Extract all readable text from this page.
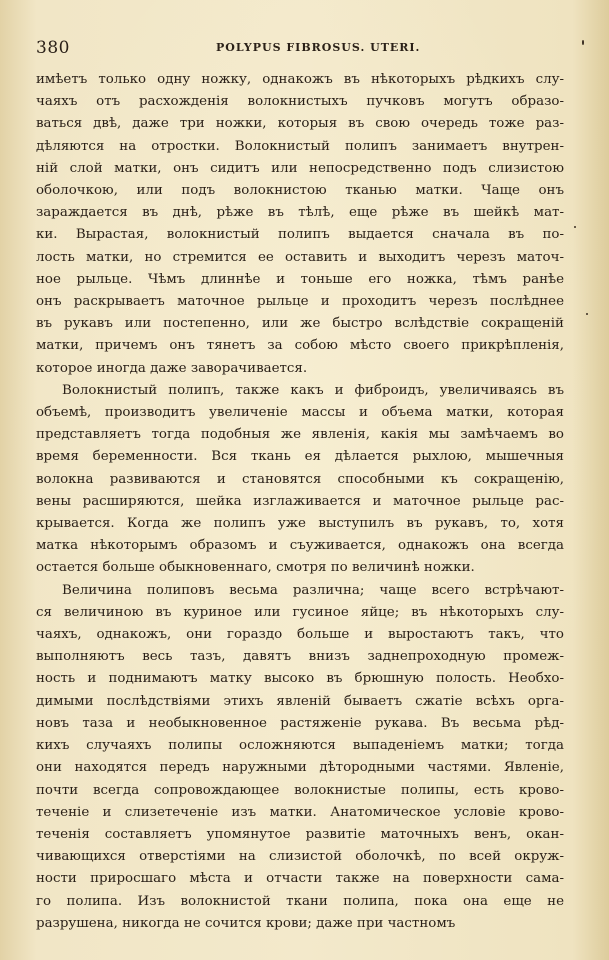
380	POLYPUS FIBROSUS. UTERI.
имѣетъ только одну ножку, однакожъ въ нѣкоторыхъ рѣдкихъ слу-
чаяхъ отъ расхожденія волокнистыхъ пучковъ могутъ образо-
ваться двѣ, даже три ножки, которыя въ свою очередь тоже раз-
дѣляются на отростки. Волокнистый полипъ занимаетъ внутрен-
ній слой матки, онъ сидитъ или непосредственно подъ слизистою
оболочкою, или подъ волокнистою тканью матки. Чаще онъ
зараждается въ днѣ, рѣже въ тѣлѣ, еще рѣже въ шейкѣ мат-
ки. Вырастая, волокнистый полипъ выдается сначала въ по-
лость матки, но стремится ее оставить и выходитъ черезъ маточ-
ное рыльце. Чѣмъ длиннѣе и тоньше его ножка, тѣмъ ранѣе
онъ раскрываетъ маточное рыльце и проходитъ черезъ послѣднее
въ рукавъ или постепенно, или же быстро вслѣдствіе сокращеній
матки, причемъ онъ тянетъ за собою мѣсто своего прикрѣпленія,
которое иногда даже заворачивается.
Волокнистый полипъ, также какъ и фиброидъ, увеличиваясь въ
объемѣ, производитъ увеличеніе массы и объема матки, которая
представляетъ тогда подобныя же явленія, какія мы замѣчаемъ во
время беременности. Вся ткань ея дѣлается рыхлою, мышечныя
волокна развиваются и становятся способными къ сокращенію,
вены расширяются, шейка изглаживается и маточное рыльце рас-
крывается. Когда же полипъ уже выступилъ въ рукавъ, то, хотя
матка нѣкоторымъ образомъ и съуживается, однакожъ она всегда
остается больше обыкновеннаго, смотря по величинѣ ножки.
Величина полиповъ весьма различна; чаще всего встрѣчают-
ся величиною въ куриное или гусиное яйце; въ нѣкоторыхъ слу-
чаяхъ, однакожъ, они гораздо больше и выростаютъ такъ, что
выполняютъ весь тазъ, давятъ внизъ заднепроходную промеж-
ность и поднимаютъ матку высоко въ брюшную полость. Необхо-
димыми послѣдствіями этихъ явленій бываетъ сжатіе всѣхъ орга-
новъ таза и необыкновенное растяженіе рукава. Въ весьма рѣд-
кихъ случаяхъ полипы осложняются выпаденіемъ матки; тогда
они находятся передъ наружными дѣтородными частями. Явленіе,
почти всегда сопровождающее волокнистые полипы, есть крово-
теченіе и слизетеченіе изъ матки. Анатомическое условіе крово-
теченія составляетъ упомянутое развитіе маточныхъ венъ, окан-
чивающихся отверстіями на слизистой оболочкѣ, по всей окруж-
ности приросшаго мѣста и отчасти также на поверхности сама-
го полипа. Изъ волокнистой ткани полипа, пока она еще не
разрушена, никогда не сочится крови; даже при частномъ
